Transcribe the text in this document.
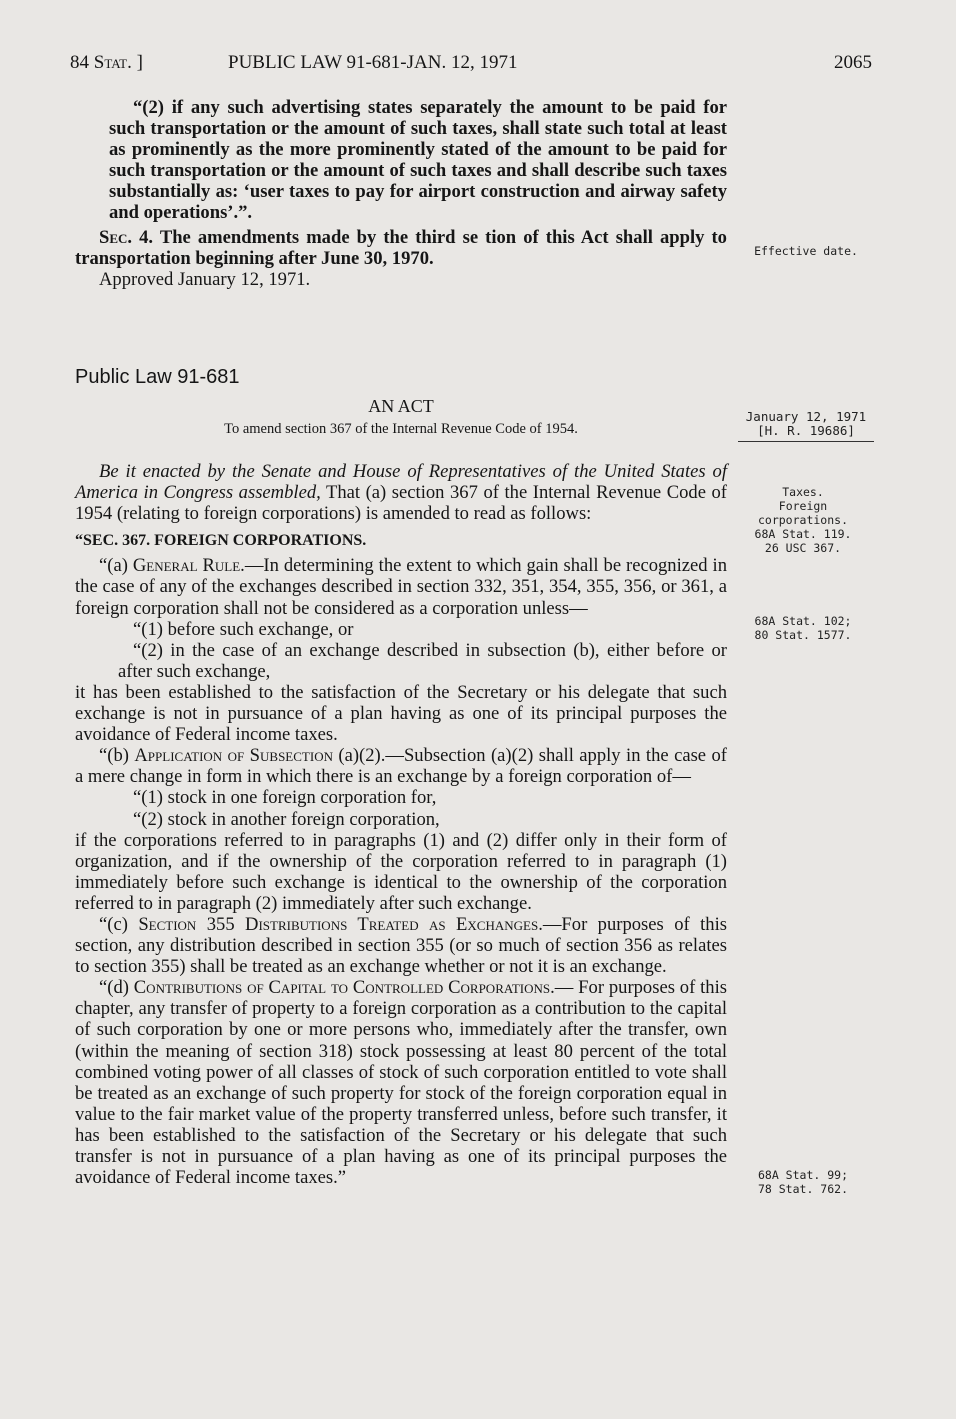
84 Stat. ]	PUBLIC LAW 91-681-JAN. 12, 1971	2065

“(2) if any such advertising states separately the amount to be paid for such transportation or the amount of such taxes, shall state such total at least as prominently as the more prominently stated of the amount to be paid for such transportation or the amount of such taxes and shall describe such taxes substantially as: ‘user taxes to pay for airport construction and airway safety and operations’.”.

Sec. 4. The amendments made by the third se tion of this Act shall apply to transportation beginning after June 30, 1970.

Approved January 12, 1971.

Public Law 91-681
AN ACT
To amend section 367 of the Internal Revenue Code of 1954.

Be it enacted by the Senate and House of Representatives of the United States of America in Congress assembled, That (a) section 367 of the Internal Revenue Code of 1954 (relating to foreign corporations) is amended to read as follows:

“SEC. 367. FOREIGN CORPORATIONS.

“(a) General Rule.—In determining the extent to which gain shall be recognized in the case of any of the exchanges described in section 332, 351, 354, 355, 356, or 361, a foreign corporation shall not be considered as a corporation unless—

“(1) before such exchange, or

“(2) in the case of an exchange described in subsection (b), either before or after such exchange,

it has been established to the satisfaction of the Secretary or his delegate that such exchange is not in pursuance of a plan having as one of its principal purposes the avoidance of Federal income taxes.

“(b) Application of Subsection (a)(2).—Subsection (a)(2) shall apply in the case of a mere change in form in which there is an exchange by a foreign corporation of—

“(1) stock in one foreign corporation for,

“(2) stock in another foreign corporation,

if the corporations referred to in paragraphs (1) and (2) differ only in their form of organization, and if the ownership of the corporation referred to in paragraph (1) immediately before such exchange is identical to the ownership of the corporation referred to in paragraph (2) immediately after such exchange.

“(c) Section 355 Distributions Treated as Exchanges.—For purposes of this section, any distribution described in section 355 (or so much of section 356 as relates to section 355) shall be treated as an exchange whether or not it is an exchange.

“(d) Contributions of Capital to Controlled Corporations.— For purposes of this chapter, any transfer of property to a foreign corporation as a contribution to the capital of such corporation by one or more persons who, immediately after the transfer, own (within the meaning of section 318) stock possessing at least 80 percent of the total combined voting power of all classes of stock of such corporation entitled to vote shall be treated as an exchange of such property for stock of the foreign corporation equal in value to the fair market value of the property transferred unless, before such transfer, it has been established to the satisfaction of the Secretary or his delegate that such transfer is not in pursuance of a plan having as one of its principal purposes the avoidance of Federal income taxes.”

Effective date.
January 12, 1971
[H. R. 19686]
Taxes.
Foreign
corporations.
68A Stat. 119.
26 USC 367.
68A Stat. 102;
80 Stat. 1577.
68A Stat. 99;
78 Stat. 762.
